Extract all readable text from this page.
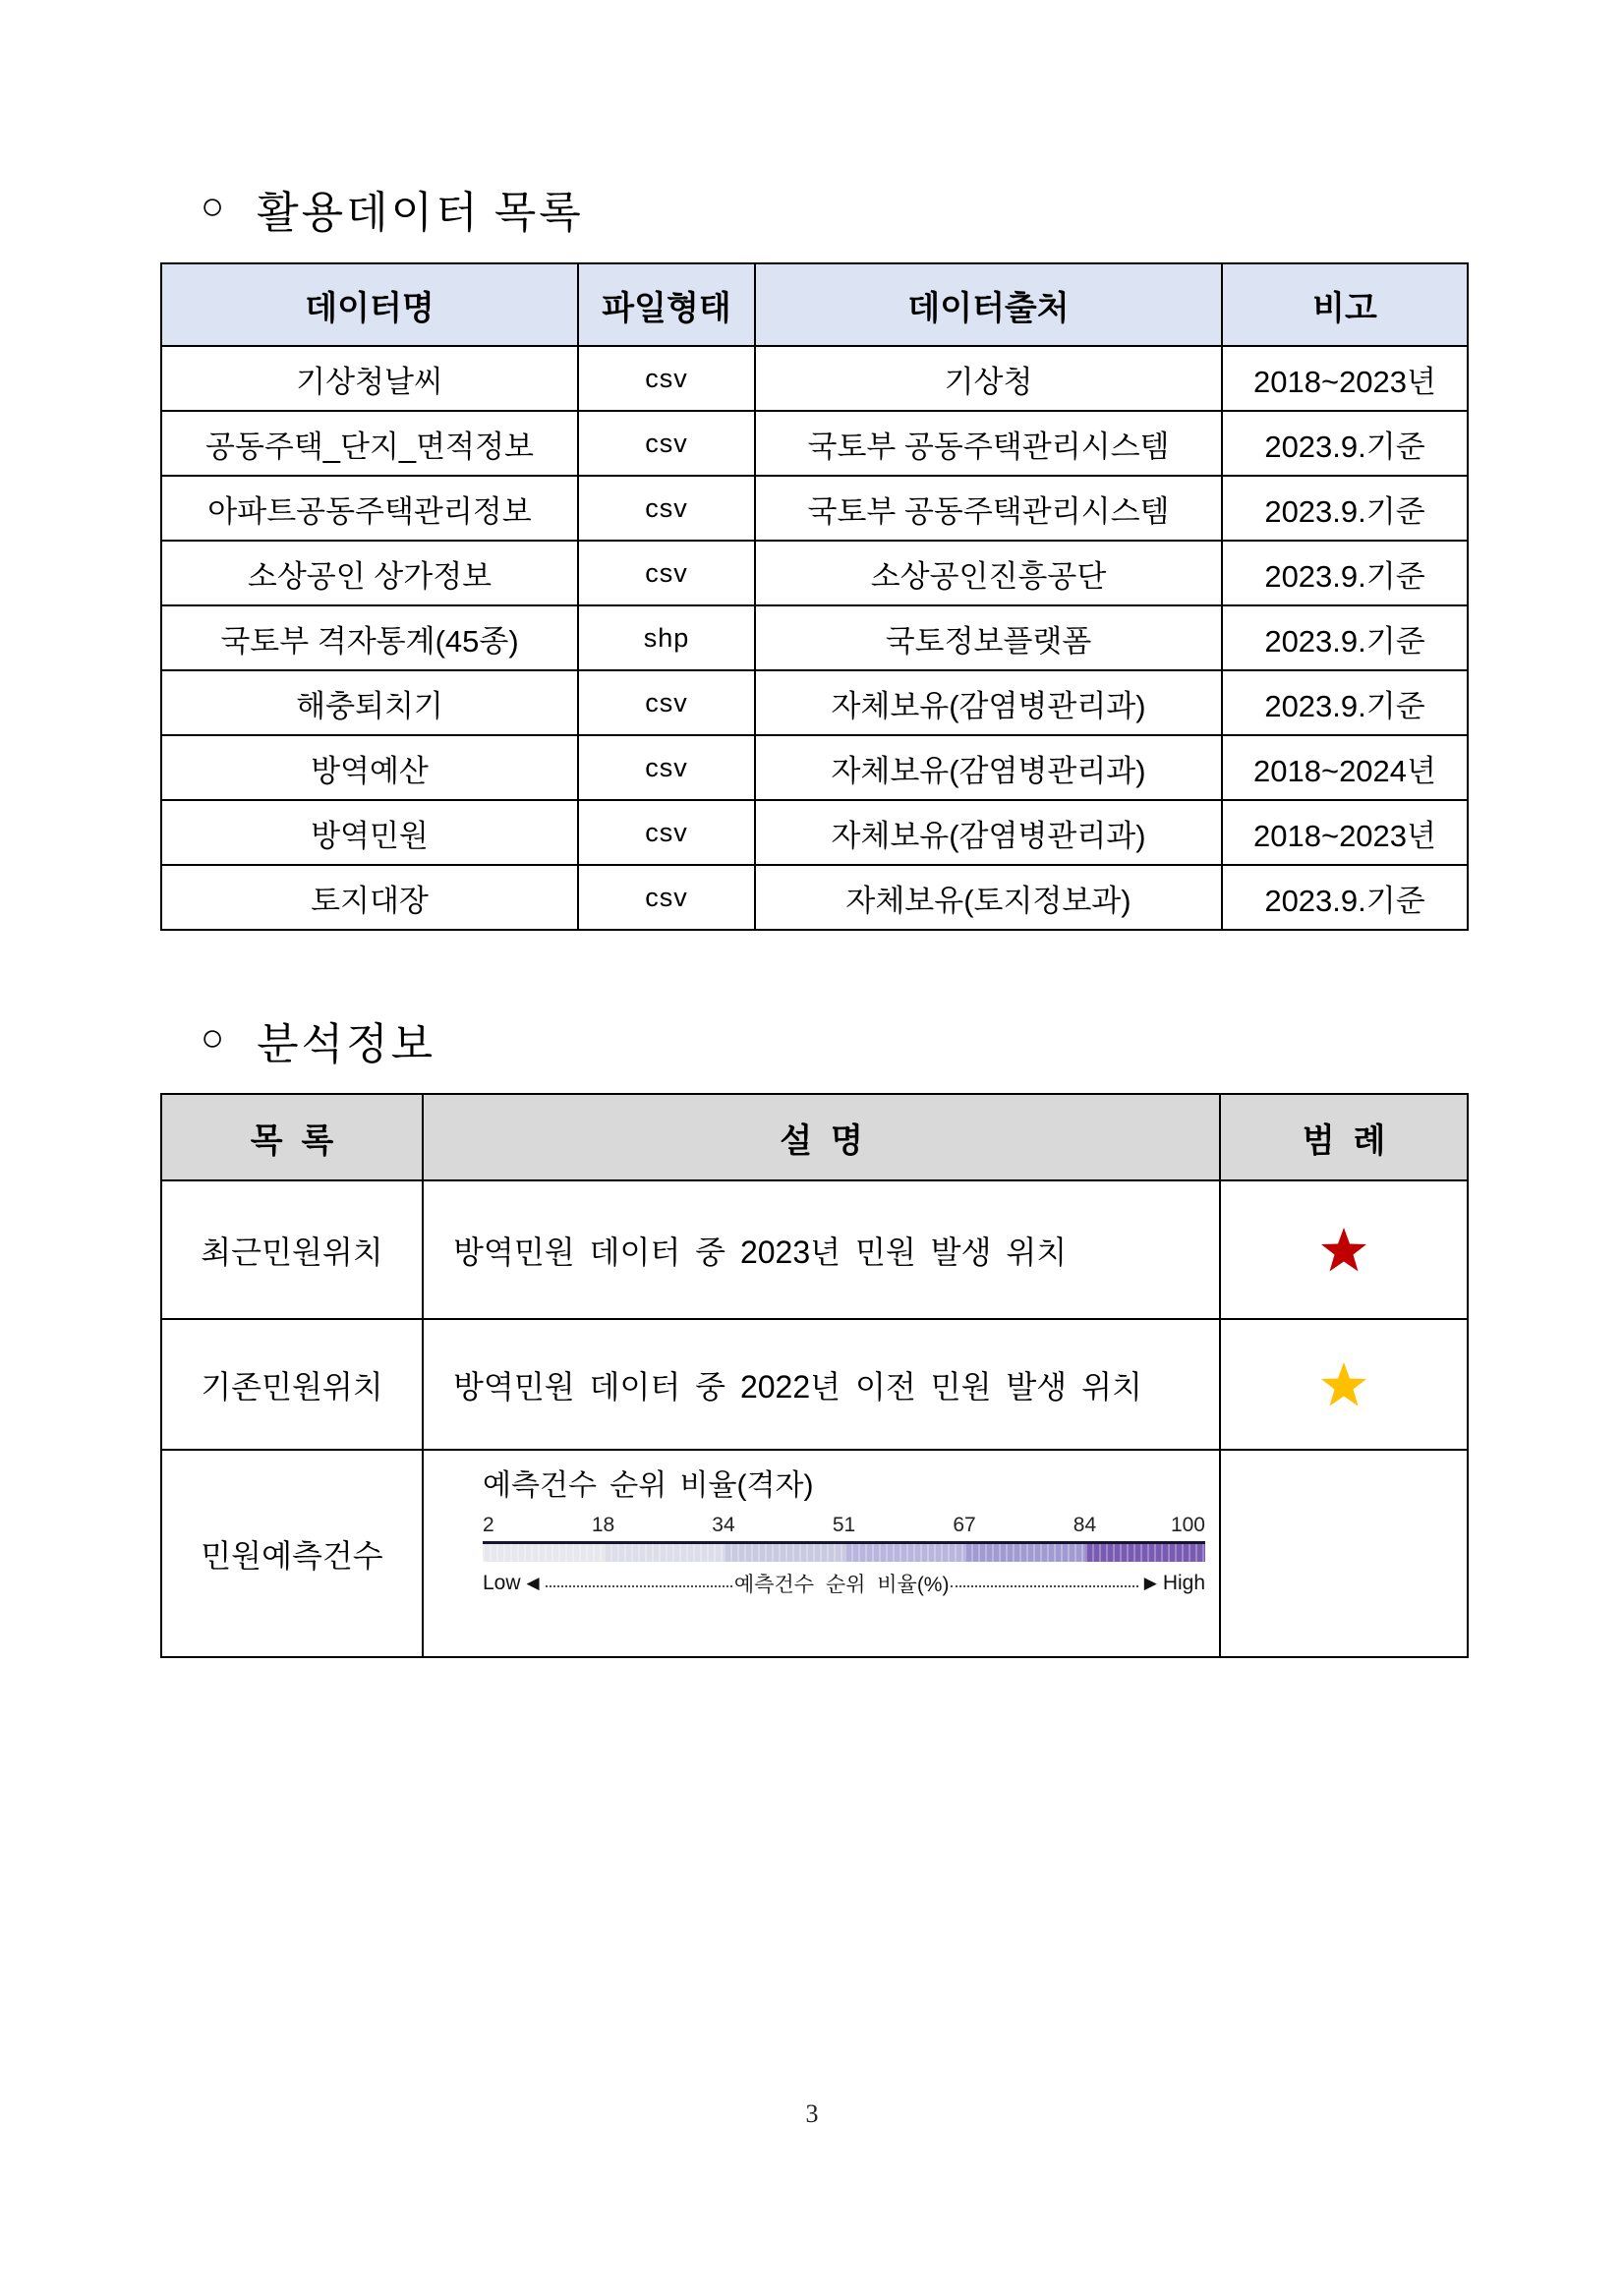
○ 활용데이터 목록
데이터명	파일형태	데이터출처	비고
기상청날씨	csv	기상청	2018~2023년
공동주택_단지_면적정보	csv	국토부 공동주택관리시스템	2023.9.기준
아파트공동주택관리정보	csv	국토부 공동주택관리시스템	2023.9.기준
소상공인 상가정보	csv	소상공인진흥공단	2023.9.기준
국토부 격자통계(45종)	shp	국토정보플랫폼	2023.9.기준
해충퇴치기	csv	자체보유(감염병관리과)	2023.9.기준
방역예산	csv	자체보유(감염병관리과)	2018~2024년
방역민원	csv	자체보유(감염병관리과)	2018~2023년
토지대장	csv	자체보유(토지정보과)	2023.9.기준
○ 분석정보
목  록	설  명	범  례
최근민원위치	방역민원 데이터 중 2023년 민원 발생 위치	

기존민원위치	방역민원 데이터 중 2022년 이전 민원 발생 위치	

민원예측건수	
예측건수 순위 비율(격자)
2	18	34	51	67	84	100
Low ◀	예측건수 순위 비율(%)	▶ High

3
